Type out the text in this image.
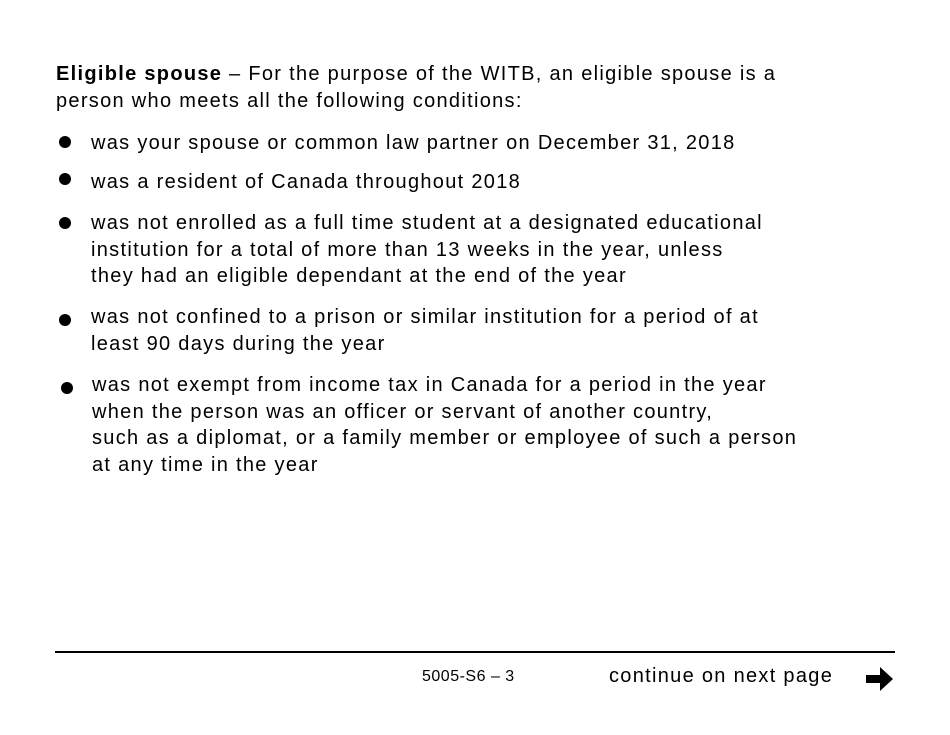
Eligible spouse – For the purpose of the WITB, an eligible spouse is a
person who meets all the following conditions:
was your spouse or common law partner on December 31, 2018
was a resident of Canada throughout 2018
was not enrolled as a full time student at a designated educational
institution for a total of more than 13 weeks in the year, unless
they had an eligible dependant at the end of the year
was not confined to a prison or similar institution for a period of at
least 90 days during the year
was not exempt from income tax in Canada for a period in the year
when the person was an officer or servant of another country,
such as a diplomat, or a family member or employee of such a person
at any time in the year
5005-S6 – 3	continue on next page
